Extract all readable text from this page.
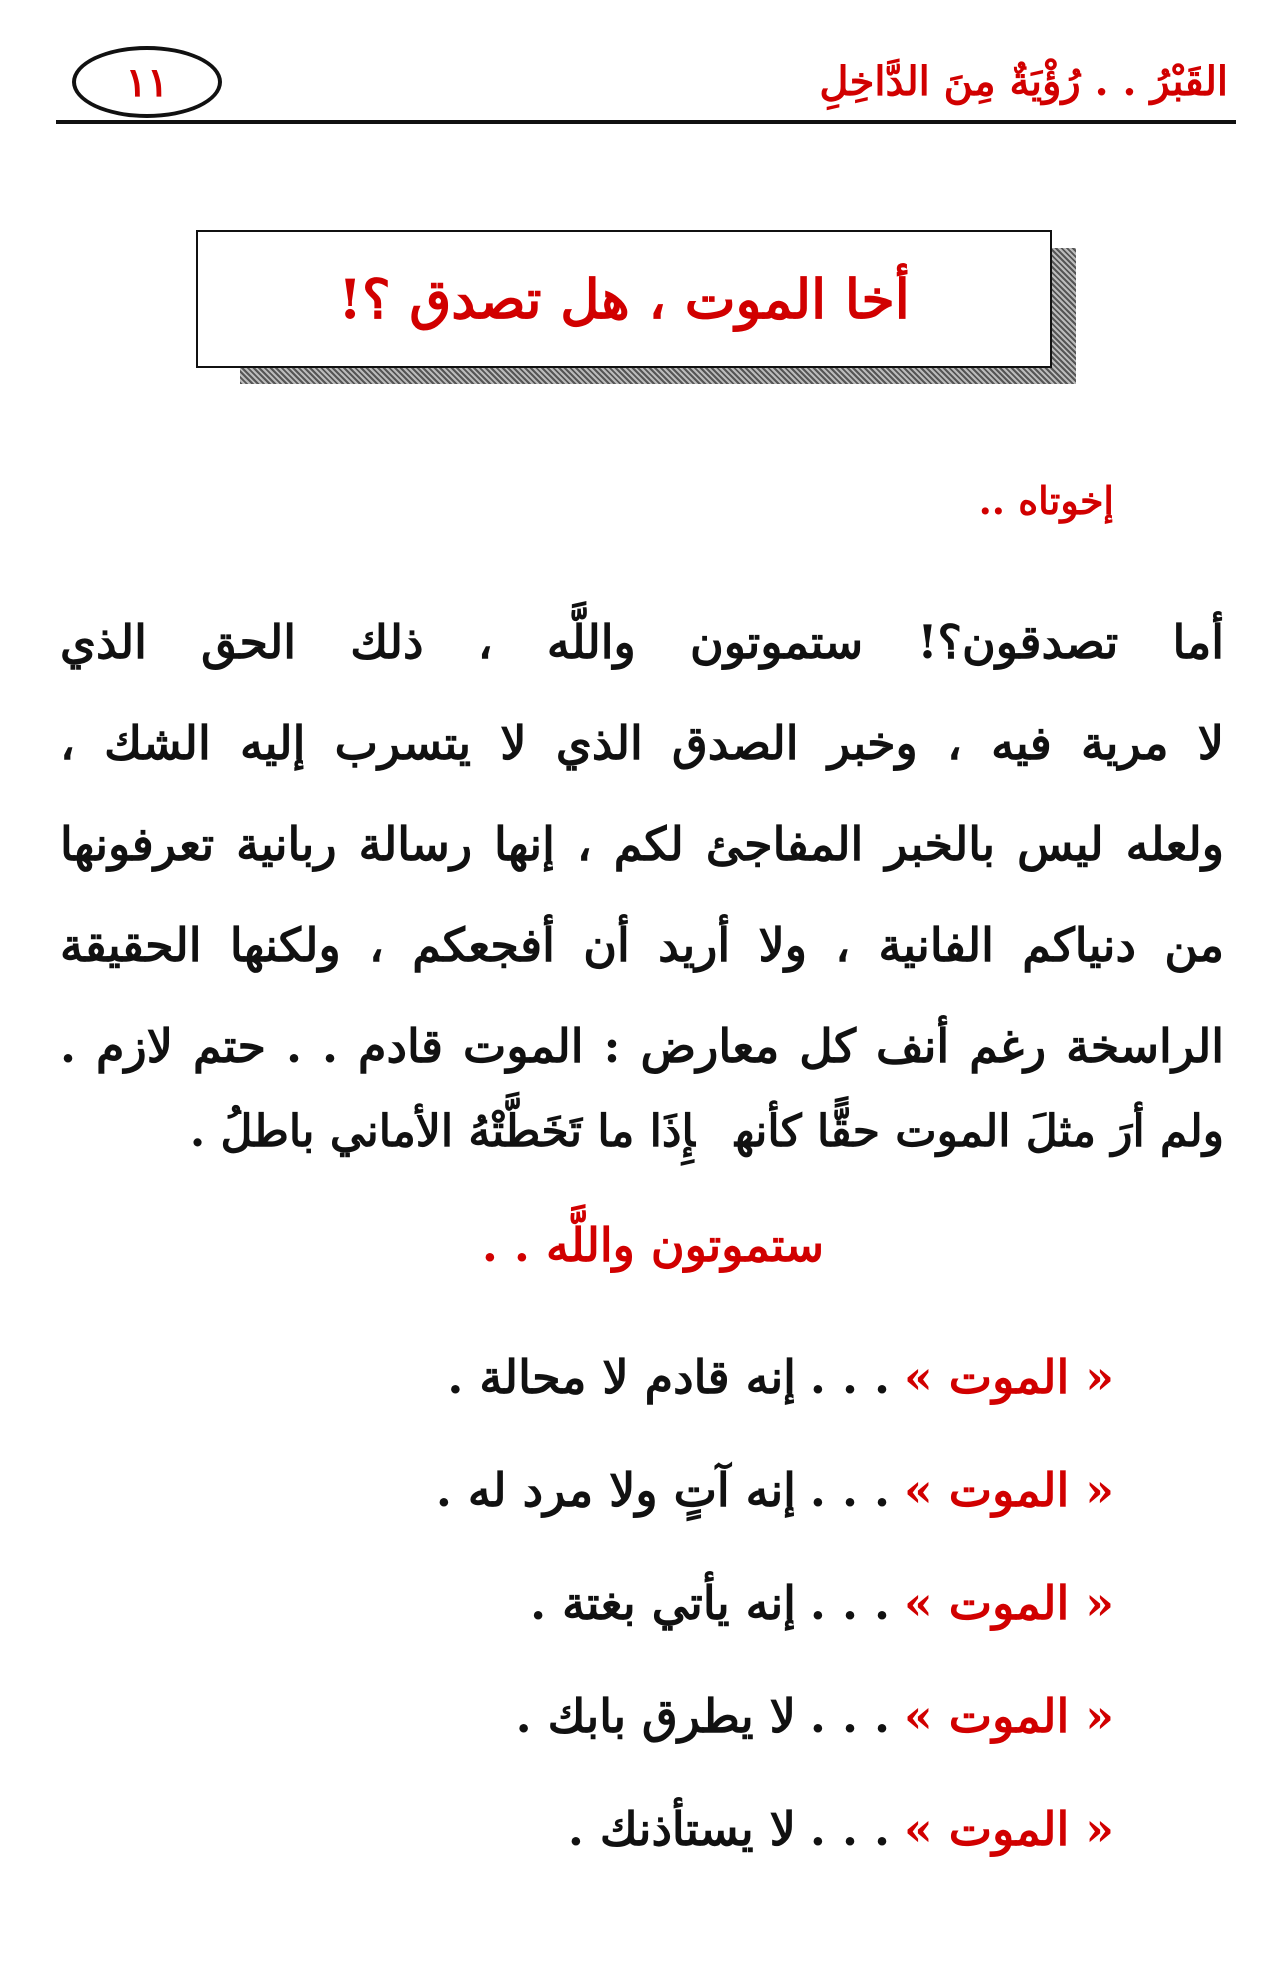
القَبْرُ . . رُؤْيَةٌ مِنَ الدَّاخِلِ
١١
أخا الموت ، هل تصدق ؟!
إخوتاه ..
أما تصدقون؟! ستموتون واللَّه ، ذلك الحق الذي
لا مرية فيه ، وخبر الصدق الذي لا يتسرب إليه الشك ،
ولعله ليس بالخبر المفاجئ لكم ، إنها رسالة ربانية تعرفونها
من دنياكم الفانية ، ولا أريد أن أفجعكم ، ولكنها الحقيقة
الراسخة رغم أنف كل معارض : الموت قادم . . حتم لازم .
ولم أرَ مثلَ الموت حقًّا كأنهإِذَا ما تَخَطَّتْهُ الأماني باطلُ .
ستموتون واللَّه . .
« الموت »
. . .
إنه قادم لا محالة .
« الموت »
. . .
إنه آتٍ ولا مرد له .
« الموت »
. . .
إنه يأتي بغتة .
« الموت »
. . .
لا يطرق بابك .
« الموت »
. . .
لا يستأذنك .
